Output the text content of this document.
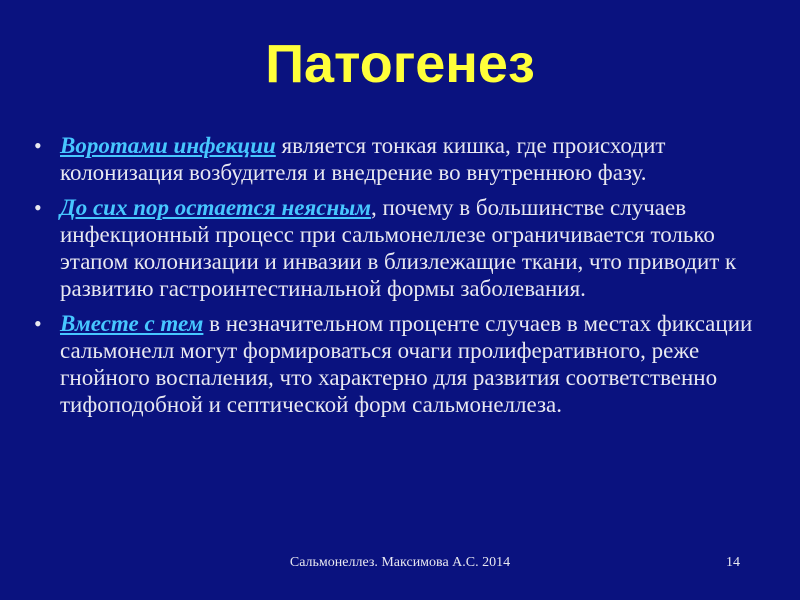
Патогенез
• Воротами инфекции является тонкая кишка, где происходит колонизация возбудителя и внедрение во внутреннюю фазу.
• До сих пор остается неясным, почему в большинстве случаев инфекционный процесс при сальмонеллезе ограничивается только этапом колонизации и инвазии в близлежащие ткани, что приводит к развитию гастроинтестинальной формы заболевания.
• Вместе с тем в незначительном проценте случаев в местах фиксации сальмонелл могут формироваться очаги пролиферативного, реже гнойного воспаления, что характерно для развития соответственно тифоподобной и септической форм сальмонеллеза.
Сальмонеллез. Максимова А.С. 2014	14
